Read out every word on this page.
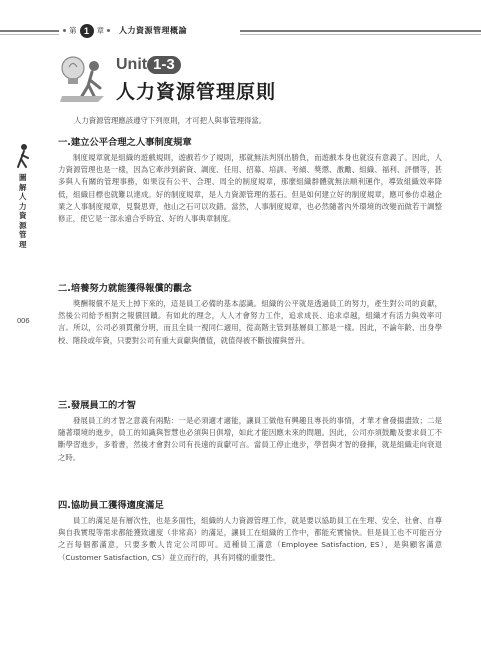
第 1	章 人力資源管理概論
Unit 1-3
人力資源管理原則
人力資源管理應該遵守下列原則，才可把人與事管理得當。
圖解人力資源管理
006
一.建立公平合理之人事制度規章

制度規章就是組織的遊戲規則，遊戲若少了規則，那就無法判別出勝負，而遊戲本身也就沒有意義了。因此，人力資源管理也是一樣，因為它牽涉到薪資、調度、任用、招募、培訓、考績、獎懲、激勵、組織、福利、評價等，甚多與人有關的管理事務，如果沒有公平、合理、周全的制度規章，那麼組織群體就無法順利運作，導致組織效率降低，組織目標也就難以達成。好的制度規章，是人力資源管理的基石。但是如何建立好的制度規章，應可參仿卓越企業之人事制度規章，見賢思齊，他山之石可以攻錯。當然，人事制度規章，也必然隨著內外環境的改變而做若干調整修正，使它是一部永遠合乎時宜、好的人事典章制度。

二.培養努力就能獲得報償的觀念

獎酬報償不是天上掉下來的，這是員工必備的基本認識。組織的公平就是透過員工的努力，產生對公司的貢獻，然後公司給予相對之報償回饋。有如此的理念，人人才會努力工作，追求成長、追求卓越，組織才有活力與效率可言。所以，公司必須貫徹分明，而且全員一視同仁適用，從高階主管到基層員工都是一樣。因此，不論年齡、出身學校、階段或年資，只要對公司有重大貢獻與價值，就值得被不斷拔擢與晉升。

三.發展員工的才智

發展員工的才智之意義有兩點：一是必須適才適能，讓員工做他有興趣且專長的事情，才華才會發揚盡致；二是隨著環境的進步，員工的知識與智慧也必須與日俱增，如此才能因應未來的問題。因此，公司亦須鼓勵及要求員工不斷學習進步，多着書，然後才會對公司有長遠的貢獻可言。當員工停止進步，學習與才智的發揮，就是組織走向衰退之時。

四.協助員工獲得適度滿足

員工的滿足是有層次性，也是多面性，組織的人力資源管理工作，就是要以協助員工在生理、安全、社會、自尊與自我實現等需求都能獲致適度（非常高）的滿足，讓員工在組織的工作中，都能充實愉快。但是員工也不可能百分之百每個都滿意，只要多數人肯定公司即可。這種員工滿意（Employee Satisfaction, ES），是與顧客滿意（Customer Satisfaction, CS）並立而行的，具有同樣的重要性。
